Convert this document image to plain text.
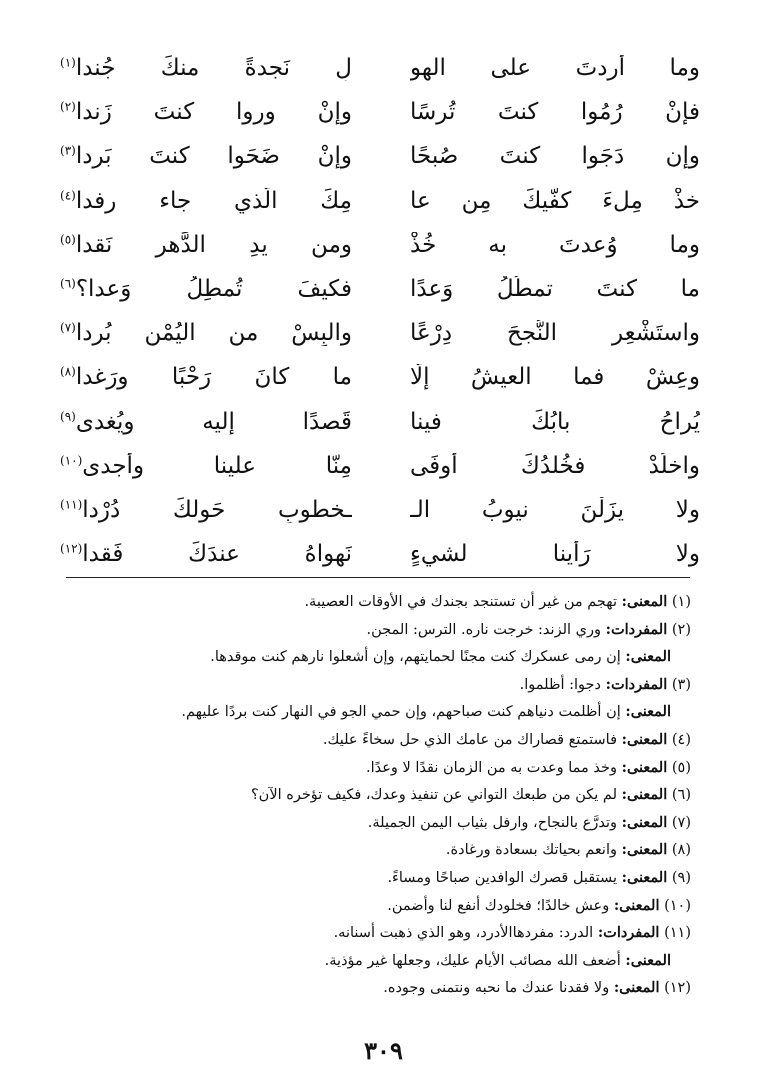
وما أردتَ على الهو
لِ نَجدةً منكَ جُندا$^{(١)}$
فإنْ رُمُوا كنتَ تُرسًا
وإنْ وروا كنتَ زَندا$^{(٢)}$
وإن دَجَوا كنتَ صُبحًا
وإنْ ضَحَوا كنتَ بَردا$^{(٣)}$
خذْ مِلءَ كفَّيكَ مِن عا
مِكَ الّذي جاء رِفدا$^{(٤)}$
وما وُعدتَ به خُذْ
ومن يدِ الدَّهرِ نَقدا$^{(٥)}$
ما كنتَ تمطُلُ وَعدًا
فكيفَ تُمطِلُ وَعدا؟$^{(٦)}$
واستَشْعِرِ النُّجحَ دِرْعًا
والبِسْ من اليُمْنِ بُردا$^{(٧)}$
وعِشْ فما العيشُ إلّا
ما كانَ رَحْبًا ورَغدا$^{(٨)}$
يُراحُ بابُكَ فينا
قَصدًا إليه ويُغدى$^{(٩)}$
واخلُدْ فخُلدُكَ أوفَى
مِنّا علينا وأجدى$^{(١٠)}$
ولا يزَلْنَ نيوبُ الـ
ـخطوبِ حَولكَ دُرْدا$^{(١١)}$
ولا رَأَينا لشيءٍ
نَهواهُ عندَكَ فَقدا$^{(١٢)}$
(١) المعنى: تهجم من غير أن تستنجد بجندك في الأوقات العصيبة.
(٢) المفردات: وري الزند: خرجت ناره. الترس: المجن.
المعنى: إن رمى عسكرك كنت مجنًا لحمايتهم، وإن أشعلوا نارهم كنت موقدها.
(٣) المفردات: دجوا: أظلموا.
المعنى: إن أظلمت دنياهم كنت صباحهم، وإن حمي الجو في النهار كنت بردًا عليهم.
(٤) المعنى: فاستمتع قصاراك من عامك الذي حل سخاءً عليك.
(٥) المعنى: وخذ مما وعدت به من الزمان نقدًا لا وعدًا.
(٦) المعنى: لم يكن من طبعك التواني عن تنفيذ وعدك، فكيف تؤخره الآن؟
(٧) المعنى: وتدرَّع بالنجاح، وارفل بثياب اليمن الجميلة.
(٨) المعنى: وانعم بحياتك بسعادة ورغادة.
(٩) المعنى: يستقبل قصرك الوافدين صباحًا ومساءً.
(١٠) المعنى: وعش خالدًا؛ فخلودك أنفع لنا وأضمن.
(١١) المفردات: الدرد: مفردهاالأدرد، وهو الذي ذهبت أسنانه.
المعنى: أضعف الله مصائب الأيام عليك، وجعلها غير مؤذية.
(١٢) المعنى: ولا فقدنا عندك ما نحبه ونتمنى وجوده.
٣٠٩
